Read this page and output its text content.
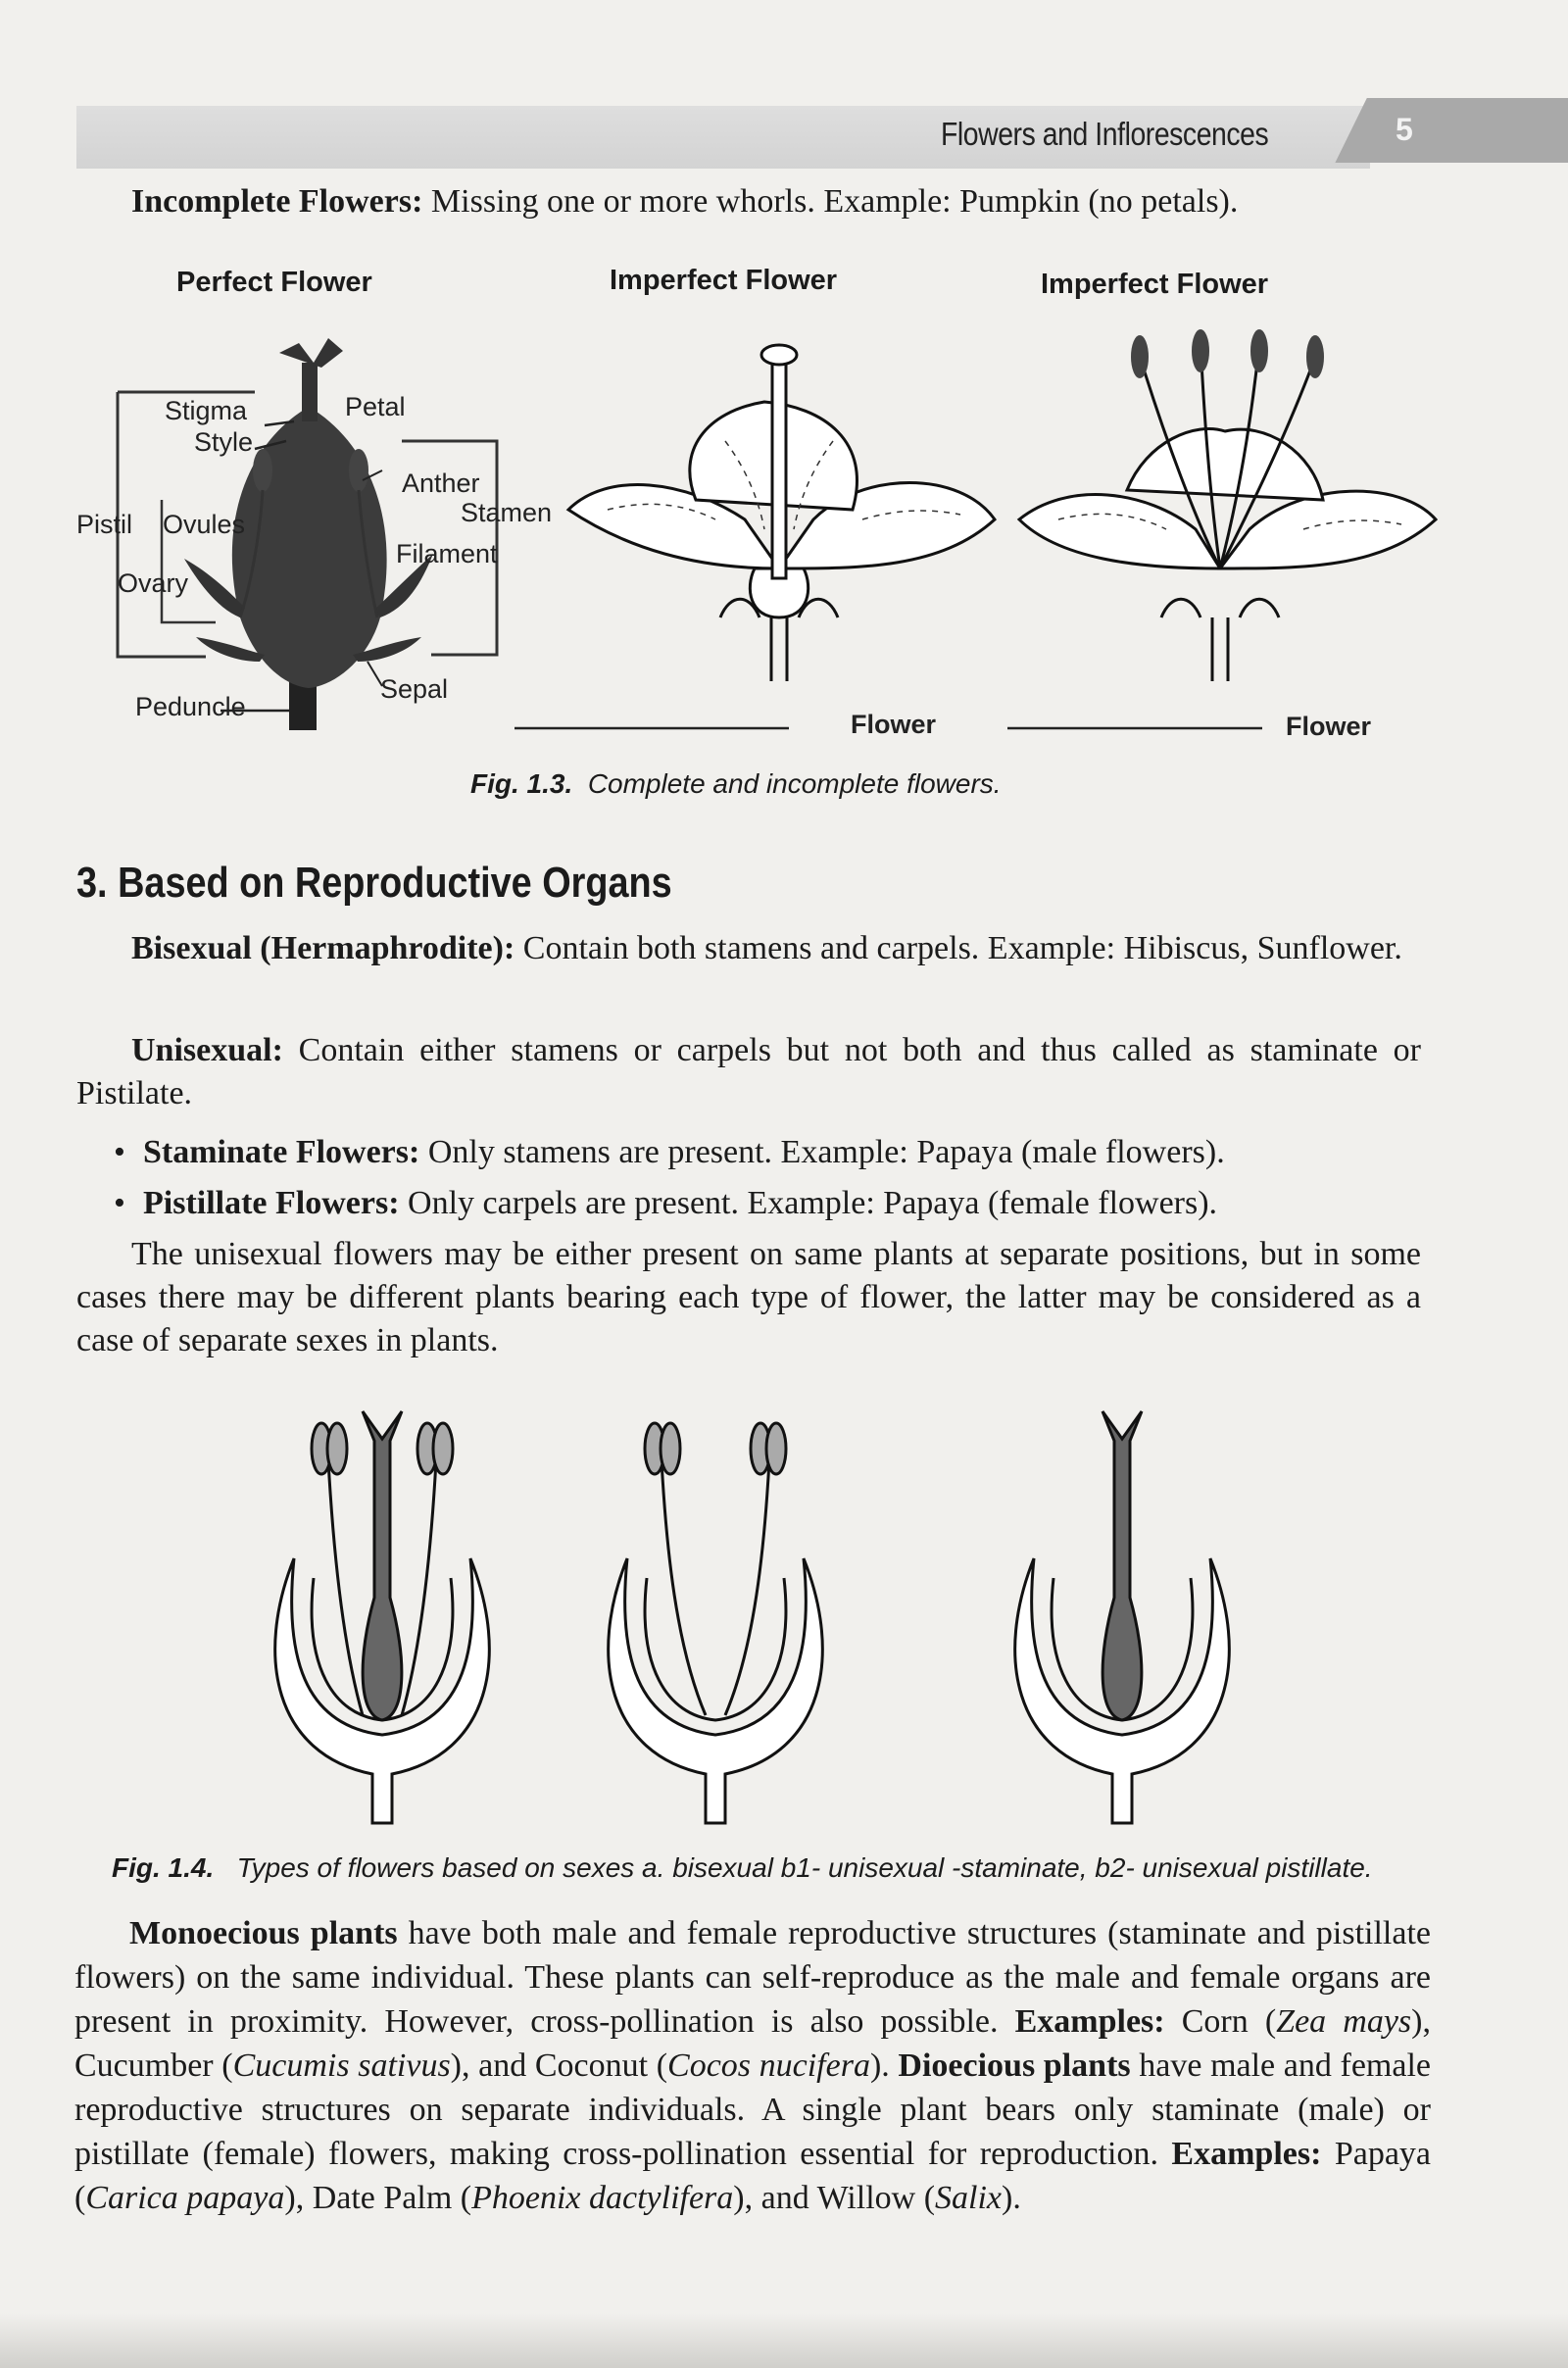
Flowers and Inflorescences	5
Incomplete Flowers: Missing one or more whorls. Example: Pumpkin (no petals).
Perfect Flower	Imperfect Flower	Imperfect Flower
Stigma
Style
Petal
Anther
Stamen
Pistil Ovules
Filament
Ovary
Peduncle
Sepal
Flower	Flower
Fig. 1.3. Complete and incomplete flowers.
3. Based on Reproductive Organs
Bisexual (Hermaphrodite): Contain both stamens and carpels. Example: Hibiscus, Sunflower.
Unisexual: Contain either stamens or carpels but not both and thus called as staminate or Pistilate.
• Staminate Flowers: Only stamens are present. Example: Papaya (male flowers).
• Pistillate Flowers: Only carpels are present. Example: Papaya (female flowers).
The unisexual flowers may be either present on same plants at separate positions, but in some cases there may be different plants bearing each type of flower, the latter may be considered as a case of separate sexes in plants.
Fig. 1.4. Types of flowers based on sexes a. bisexual b1- unisexual -staminate, b2- unisexual pistillate.
Monoecious plants have both male and female reproductive structures (staminate and pistillate flowers) on the same individual. These plants can self-reproduce as the male and female organs are present in proximity. However, cross-pollination is also possible. Examples: Corn (Zea mays), Cucumber (Cucumis sativus), and Coconut (Cocos nucifera). Dioecious plants have male and female reproductive structures on separate individuals. A single plant bears only staminate (male) or pistillate (female) flowers, making cross-pollination essential for reproduction. Examples: Papaya (Carica papaya), Date Palm (Phoenix dactylifera), and Willow (Salix).
